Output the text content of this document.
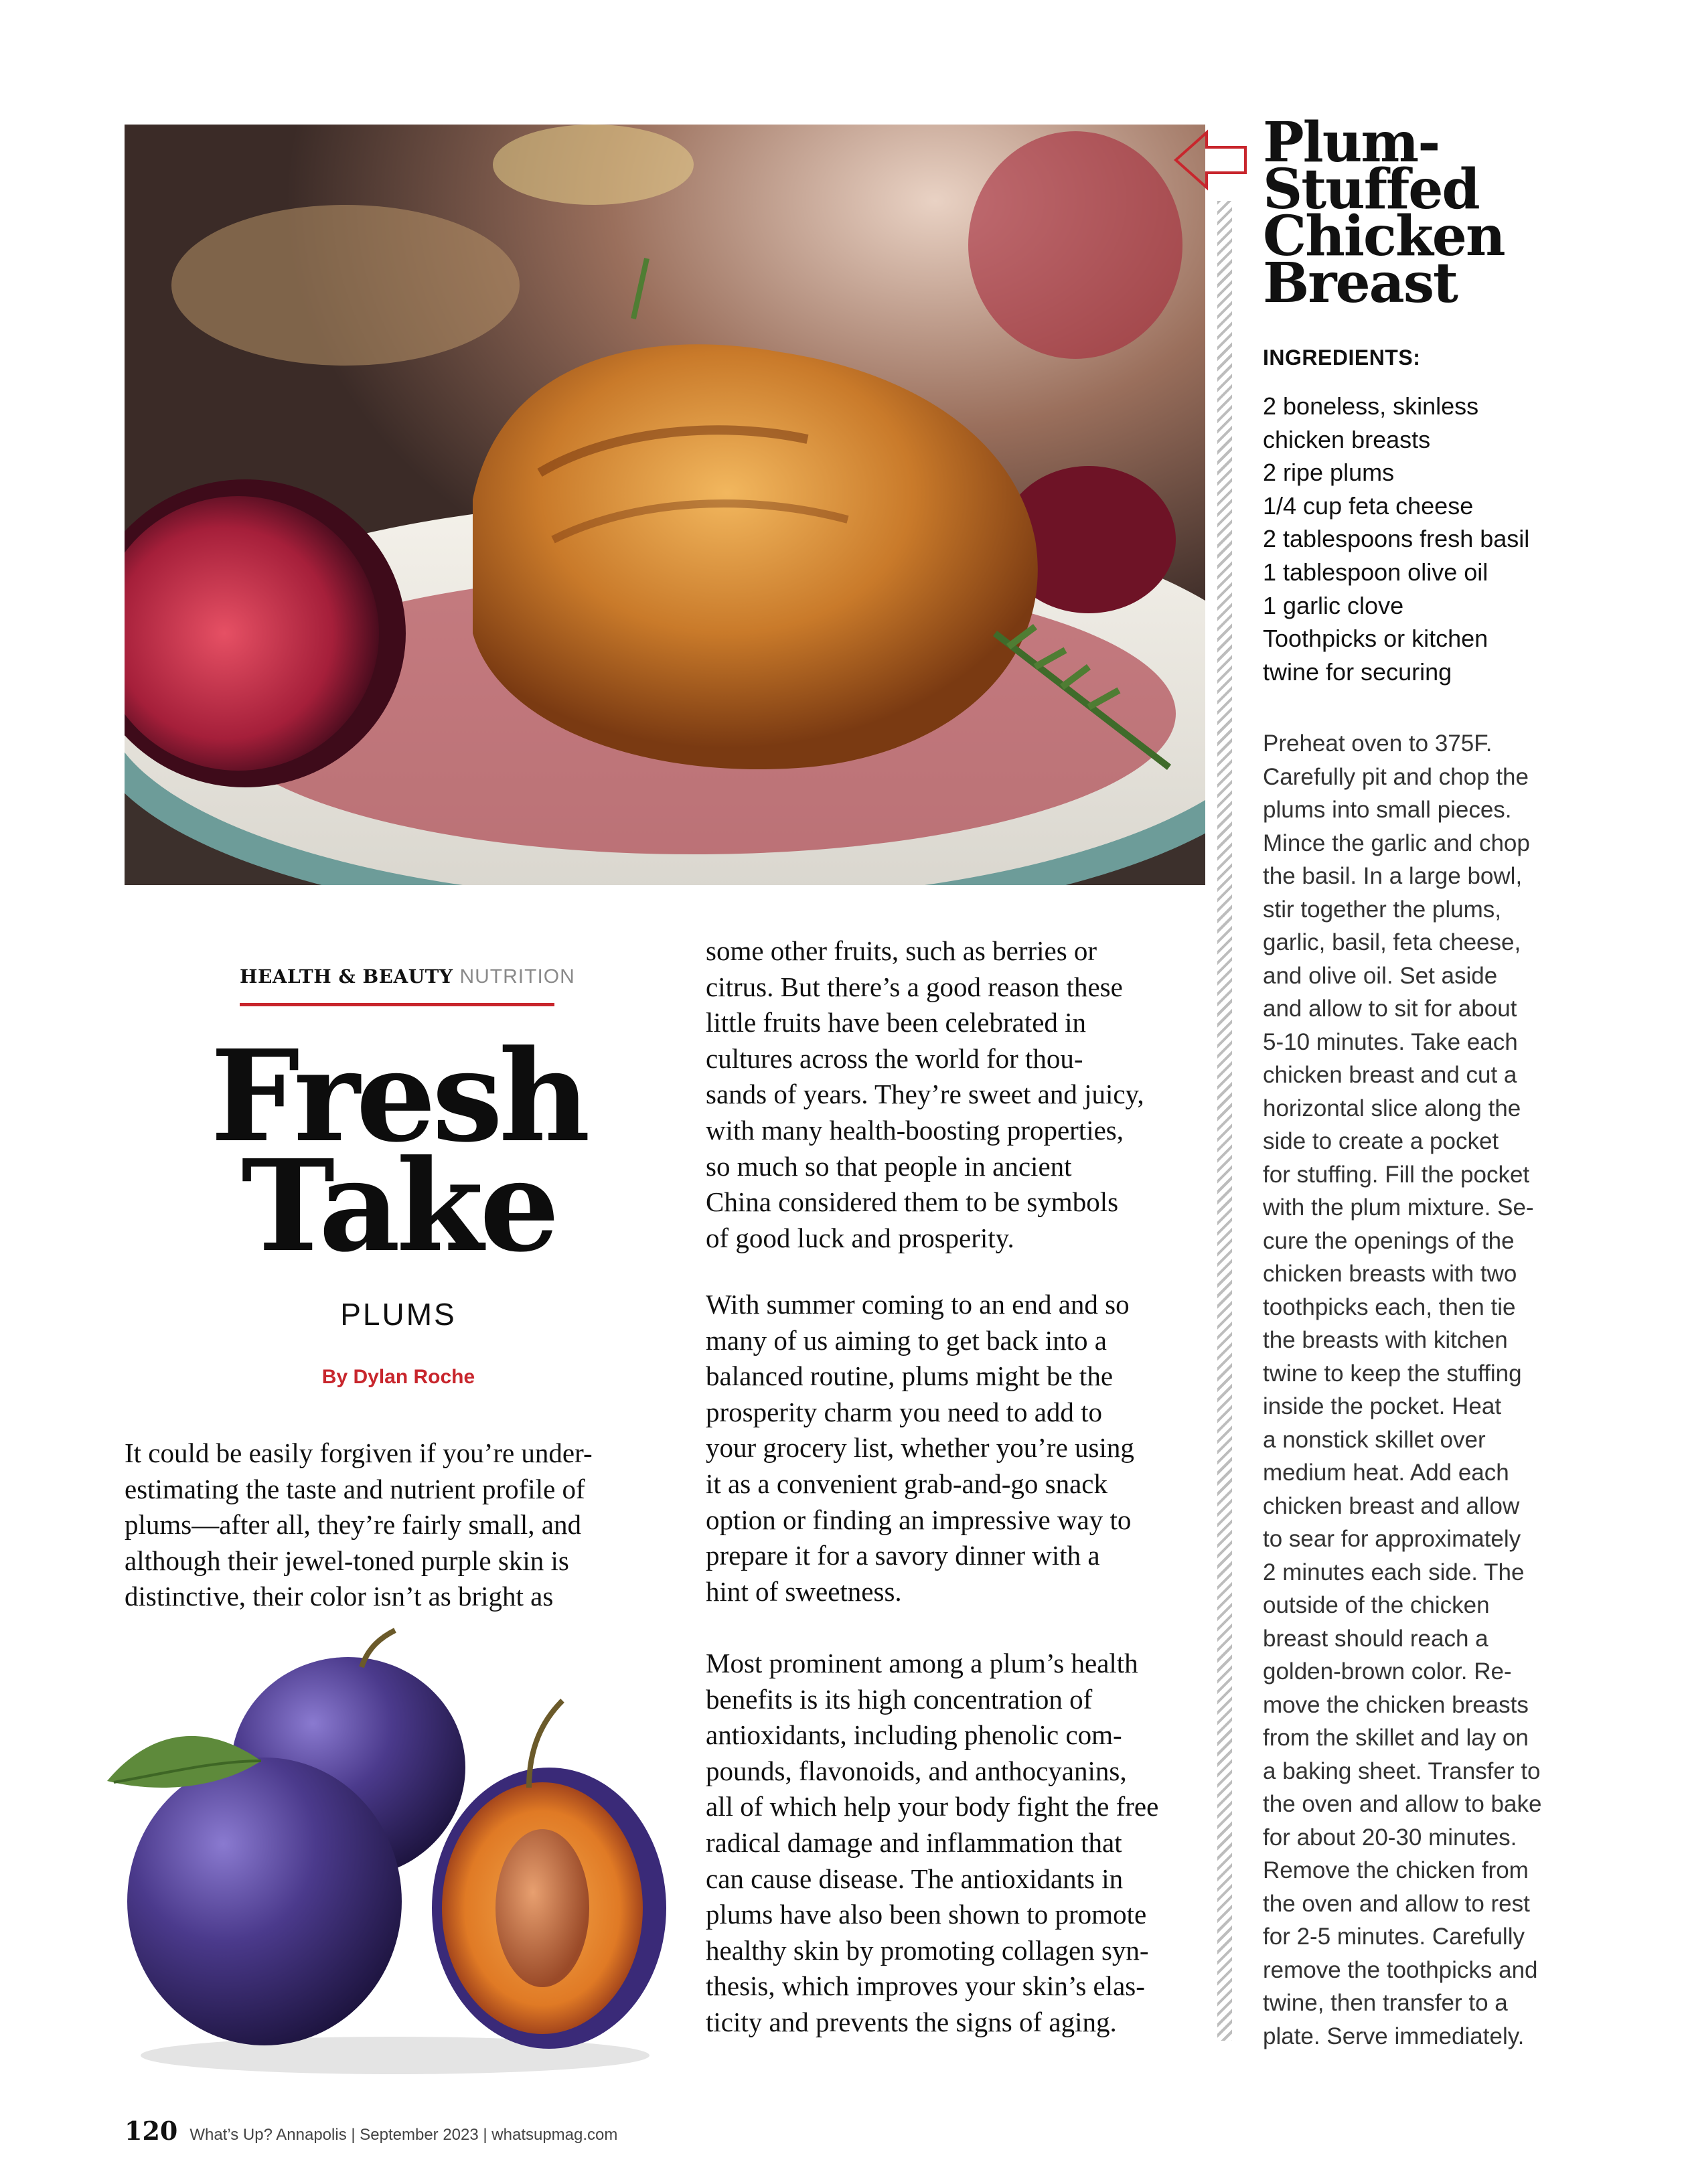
Plum-
Stuffed
Chicken
Breast
INGREDIENTS:
2 boneless, skinless
chicken breasts
2 ripe plums
1/4 cup feta cheese
2 tablespoons fresh basil
1 tablespoon olive oil
1 garlic clove
Toothpicks or kitchen
twine for securing
Preheat oven to 375F.
Carefully pit and chop the
plums into small pieces.
Mince the garlic and chop
the basil. In a large bowl,
stir together the plums,
garlic, basil, feta cheese,
and olive oil. Set aside
and allow to sit for about
5-10 minutes. Take each
chicken breast and cut a
horizontal slice along the
side to create a pocket
for stuffing. Fill the pocket
with the plum mixture. Se-
cure the openings of the
chicken breasts with two
toothpicks each, then tie
the breasts with kitchen
twine to keep the stuffing
inside the pocket. Heat
a nonstick skillet over
medium heat. Add each
chicken breast and allow
to sear for approximately
2 minutes each side. The
outside of the chicken
breast should reach a
golden-brown color. Re-
move the chicken breasts
from the skillet and lay on
a baking sheet. Transfer to
the oven and allow to bake
for about 20-30 minutes.
Remove the chicken from
the oven and allow to rest
for 2-5 minutes. Carefully
remove the toothpicks and
twine, then transfer to a
plate. Serve immediately.
HEALTH & BEAUTY NUTRITION
Fresh
Take
PLUMS
By Dylan Roche
It could be easily forgiven if you’re under-
estimating the taste and nutrient profile of
plums—after all, they’re fairly small, and
although their jewel-toned purple skin is
distinctive, their color isn’t as bright as
some other fruits, such as berries or
citrus. But there’s a good reason these
little fruits have been celebrated in
cultures across the world for thou-
sands of years. They’re sweet and juicy,
with many health-boosting properties,
so much so that people in ancient
China considered them to be symbols
of good luck and prosperity.
With summer coming to an end and so
many of us aiming to get back into a
balanced routine, plums might be the
prosperity charm you need to add to
your grocery list, whether you’re using
it as a convenient grab-and-go snack
option or finding an impressive way to
prepare it for a savory dinner with a
hint of sweetness.
Most prominent among a plum’s health
benefits is its high concentration of
antioxidants, including phenolic com-
pounds, flavonoids, and anthocyanins,
all of which help your body fight the free
radical damage and inflammation that
can cause disease. The antioxidants in
plums have also been shown to promote
healthy skin by promoting collagen syn-
thesis, which improves your skin’s elas-
ticity and prevents the signs of aging.
120 What’s Up? Annapolis | September 2023 | whatsupmag.com
